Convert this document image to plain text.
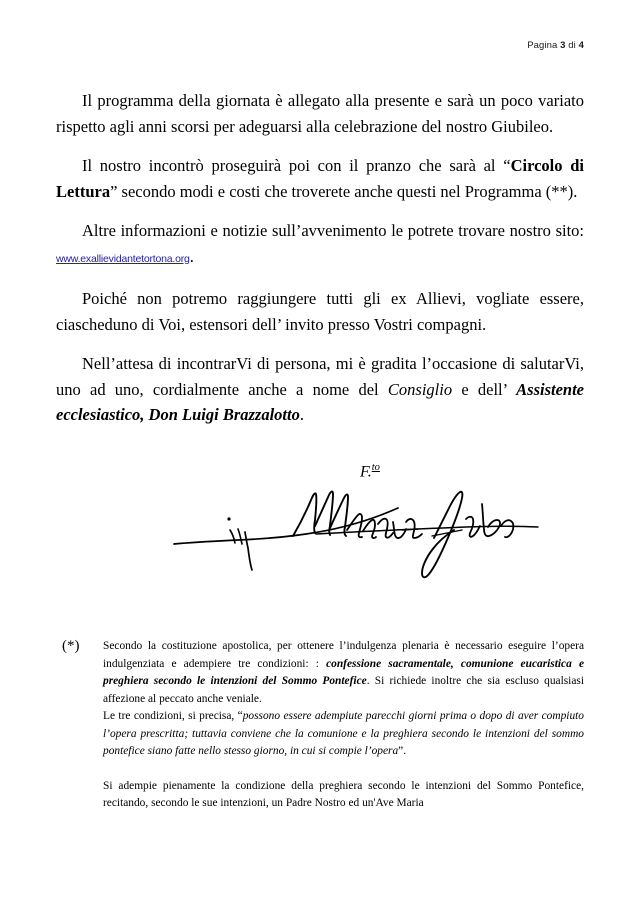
Pagina 3 di 4

Il programma della giornata è allegato alla presente e sarà un poco variato rispetto agli anni scorsi per adeguarsi alla celebrazione del nostro Giubileo.

Il nostro incontrò proseguirà poi con il pranzo che sarà al “Circolo di Lettura” secondo modi e costi che troverete anche questi nel Programma (**).

Altre informazioni e notizie sull’avvenimento le potrete trovare nostro sito: www.exallievidantetortona.org.

Poiché non potremo raggiungere tutti gli ex Allievi, vogliate essere, ciascheduno di Voi, estensori dell’ invito presso Vostri compagni.

Nell’attesa di incontrarVi di persona, mi è gradita l’occasione di salutarVi, uno ad uno, cordialmente anche a nome del Consiglio e dell’ Assistente ecclesiastico, Don Luigi Brazzalotto.

F.$^{to}$
(*)	Secondo la costituzione apostolica, per ottenere l’indulgenza plenaria è necessario eseguire l’opera indulgenziata e adempiere tre condizioni: : confessione sacramentale, comunione eucaristica e preghiera secondo le intenzioni del Sommo Pontefice. Si richiede inoltre che sia escluso qualsiasi affezione al peccato anche veniale.

Le tre condizioni, si precisa, “possono essere adempiute parecchi giorni prima o dopo di aver compiuto l’opera prescritta; tuttavia conviene che la comunione e la preghiera secondo le intenzioni del sommo pontefice siano fatte nello stesso giorno, in cui si compie l’opera”.

Si adempie pienamente la condizione della preghiera secondo le intenzioni del Sommo Pontefice, recitando, secondo le sue intenzioni, un Padre Nostro ed un'Ave Maria
